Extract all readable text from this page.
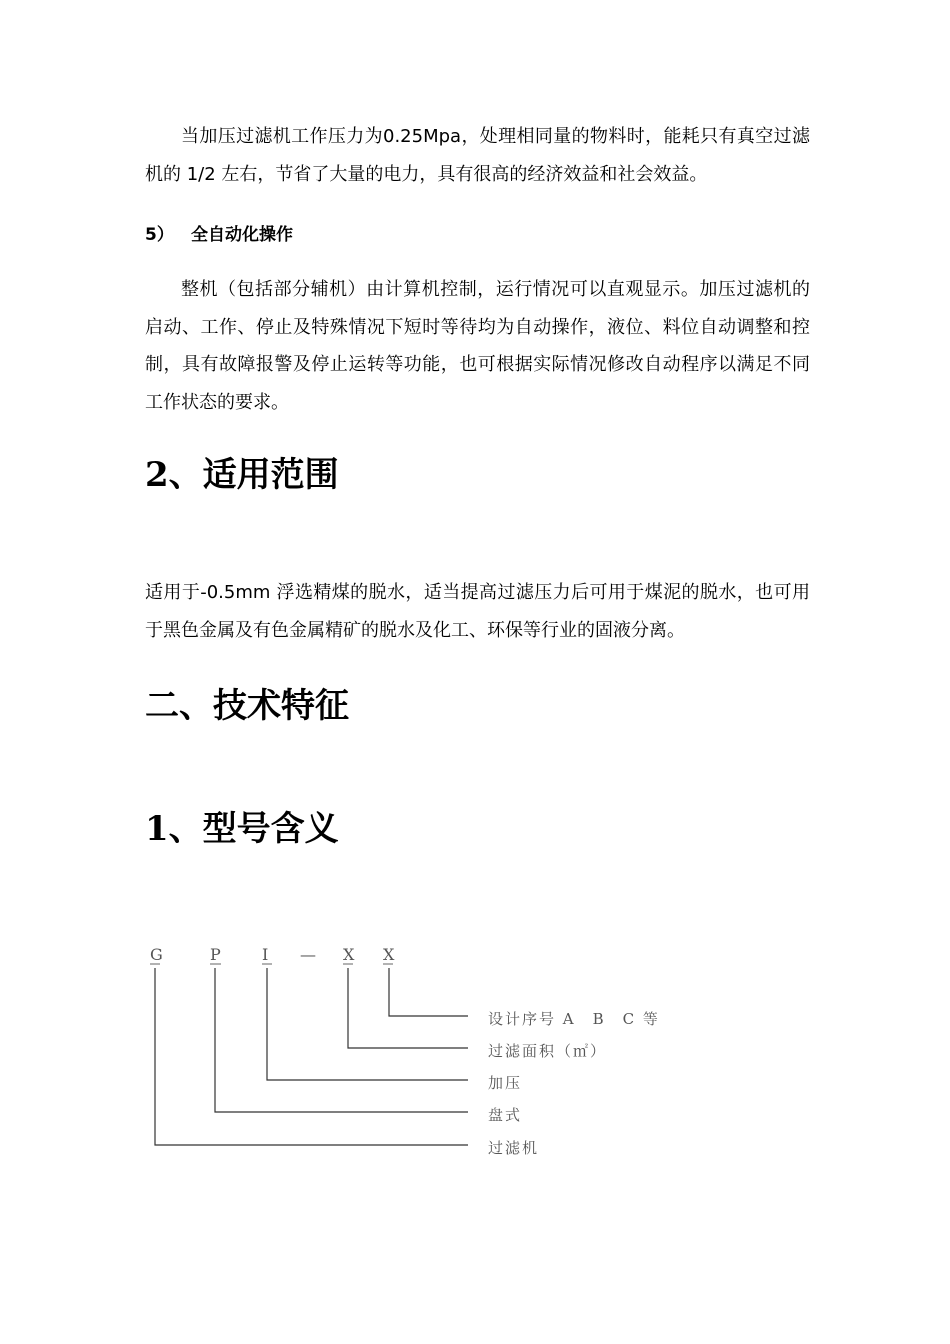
当加压过滤机工作压力为0.25Mpa，处理相同量的物料时，能耗只有真空过滤机的 1/2 左右，节省了大量的电力，具有很高的经济效益和社会效益。

5） 全自动化操作

整机（包括部分辅机）由计算机控制，运行情况可以直观显示。加压过滤机的启动、工作、停止及特殊情况下短时等待均为自动操作，液位、料位自动调整和控制，具有故障报警及停止运转等功能，也可根据实际情况修改自动程序以满足不同工作状态的要求。

2、适用范围

适用于-0.5mm 浮选精煤的脱水，适当提高过滤压力后可用于煤泥的脱水，也可用于黑色金属及有色金属精矿的脱水及化工、环保等行业的固液分离。

二、技术特征
1、型号含义
G	P	I — X X
设计序号 A　B　C 等
过滤面积（㎡）
加压
盘式
过滤机
